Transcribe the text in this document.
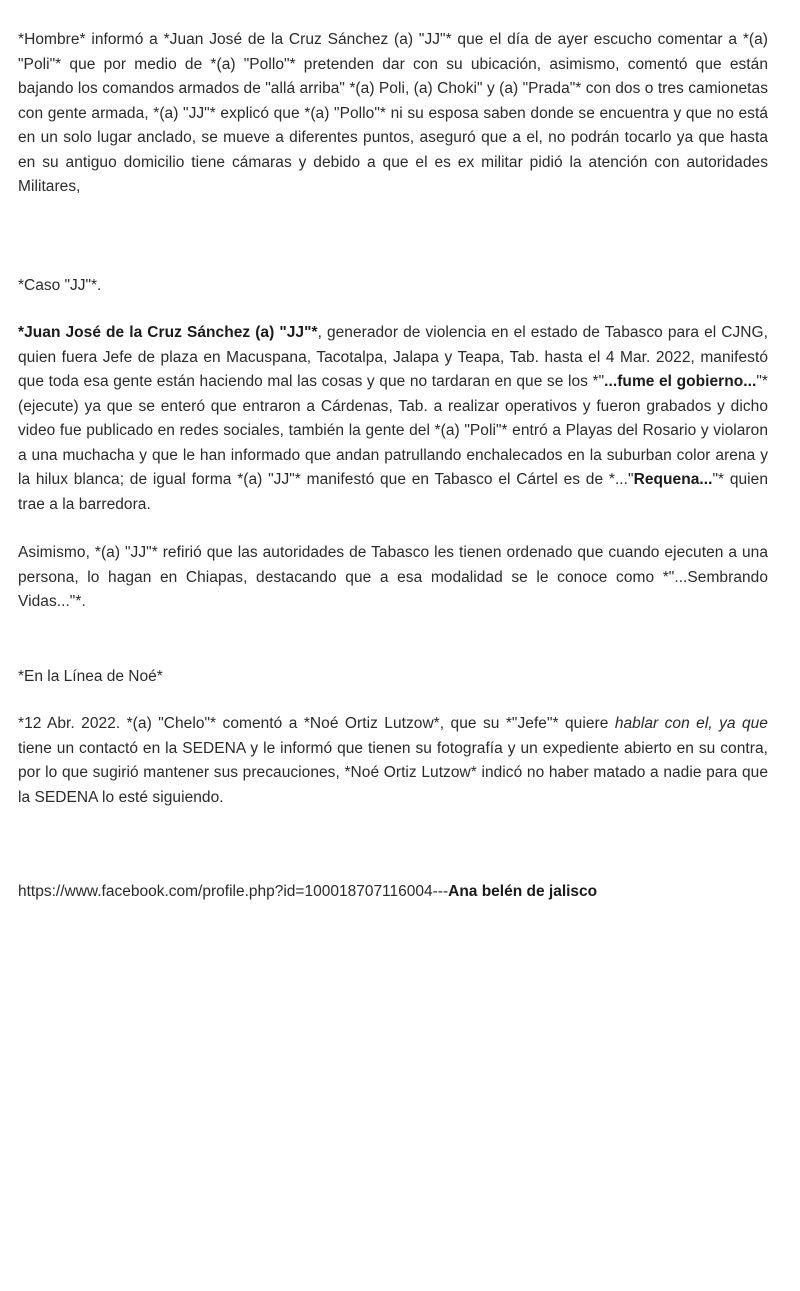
*Hombre* informó a *Juan José de la Cruz Sánchez (a) "JJ"* que el día de ayer escucho comentar a *(a) "Poli"* que por medio de *(a) "Pollo"* pretenden dar con su ubicación, asimismo, comentó que están bajando los comandos armados de "allá arriba" *(a) Poli, (a) Choki" y (a) "Prada"* con dos o tres camionetas con gente armada, *(a) "JJ"* explicó que *(a) "Pollo"* ni su esposa saben donde se encuentra y que no está en un solo lugar anclado, se mueve a diferentes puntos, aseguró que a el, no podrán tocarlo ya que hasta en su antiguo domicilio tiene cámaras y debido a que el es ex militar pidió la atención con autoridades Militares,

*Caso "JJ"*.

*Juan José de la Cruz Sánchez (a) "JJ"*, generador de violencia en el estado de Tabasco para el CJNG, quien fuera Jefe de plaza en Macuspana, Tacotalpa, Jalapa y Teapa, Tab. hasta el 4 Mar. 2022, manifestó que toda esa gente están haciendo mal las cosas y que no tardaran en que se los *"...fume el gobierno..."* (ejecute) ya que se enteró que entraron a Cárdenas, Tab. a realizar operativos y fueron grabados y dicho video fue publicado en redes sociales, también la gente del *(a) "Poli"* entró a Playas del Rosario y violaron a una muchacha y que le han informado que andan patrullando enchalecados en la suburban color arena y la hilux blanca; de igual forma *(a) "JJ"* manifestó que en Tabasco el Cártel es de *..."Requena..."* quien trae a la barredora.

Asimismo, *(a) "JJ"* refirió que las autoridades de Tabasco les tienen ordenado que cuando ejecuten a una persona, lo hagan en Chiapas, destacando que a esa modalidad se le conoce como *"...Sembrando Vidas..."*.

*En la Línea de Noé*

*12 Abr. 2022. *(a) "Chelo"* comentó a *Noé Ortiz Lutzow*, que su *"Jefe"* quiere hablar con el, ya que tiene un contactó en la SEDENA y le informó que tienen su fotografía y un expediente abierto en su contra, por lo que sugirió mantener sus precauciones, *Noé Ortiz Lutzow* indicó no haber matado a nadie para que la SEDENA lo esté siguiendo.

https://www.facebook.com/profile.php?id=100018707116004---Ana belén de jalisco
